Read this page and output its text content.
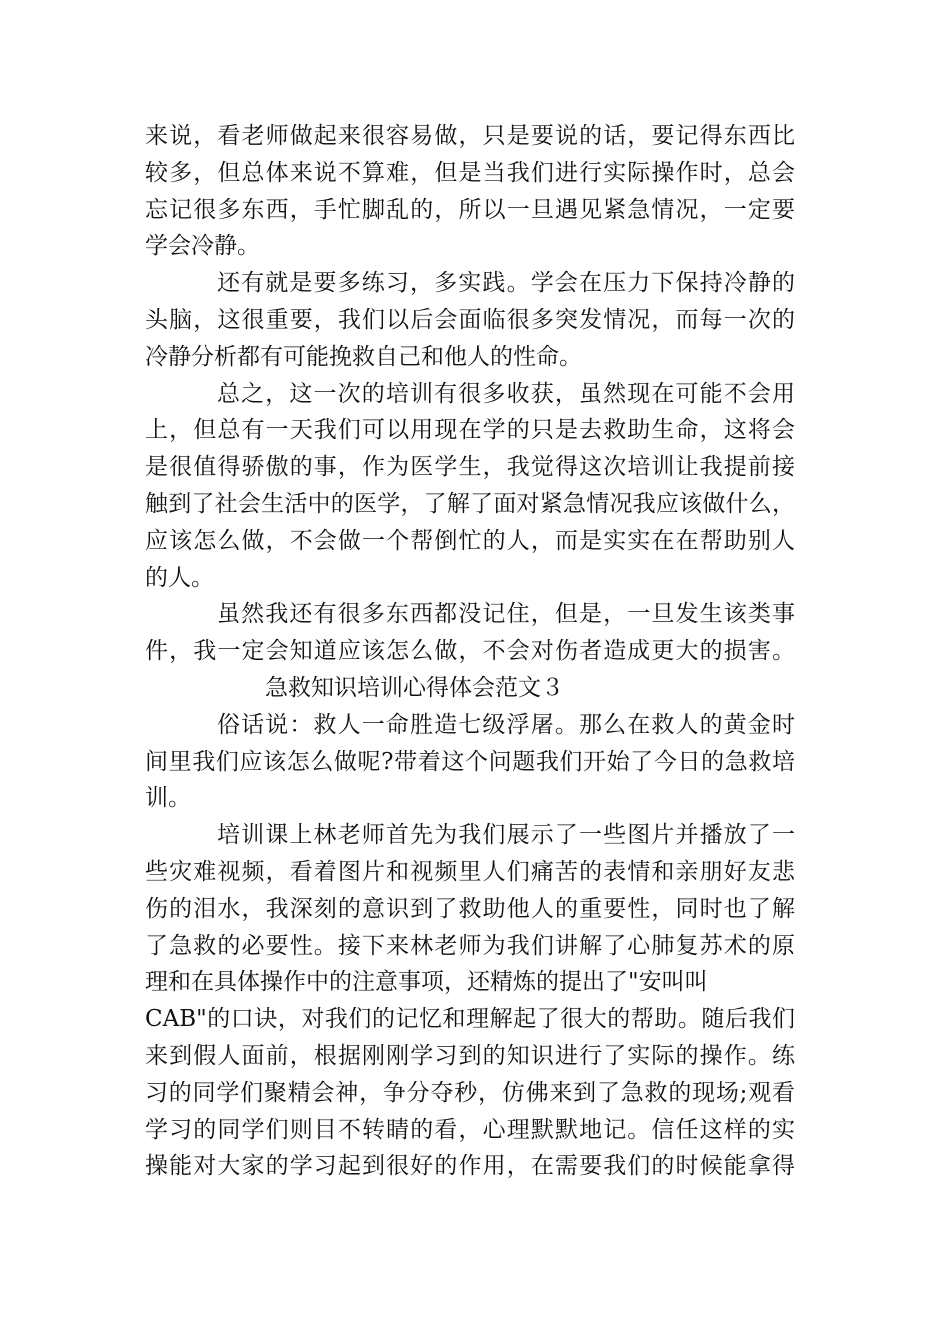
来说，看老师做起来很容易做，只是要说的话，要记得东西比
较多，但总体来说不算难，但是当我们进行实际操作时，总会
忘记很多东西，手忙脚乱的，所以一旦遇见紧急情况，一定要
学会冷静。
还有就是要多练习，多实践。学会在压力下保持冷静的
头脑，这很重要，我们以后会面临很多突发情况，而每一次的
冷静分析都有可能挽救自己和他人的性命。
总之，这一次的培训有很多收获，虽然现在可能不会用
上，但总有一天我们可以用现在学的只是去救助生命，这将会
是很值得骄傲的事，作为医学生，我觉得这次培训让我提前接
触到了社会生活中的医学，了解了面对紧急情况我应该做什么，
应该怎么做，不会做一个帮倒忙的人，而是实实在在帮助别人
的人。
虽然我还有很多东西都没记住，但是，一旦发生该类事
件，我一定会知道应该怎么做，不会对伤者造成更大的损害。
急救知识培训心得体会范文３
俗话说：救人一命胜造七级浮屠。那么在救人的黄金时
间里我们应该怎么做呢?带着这个问题我们开始了今日的急救培
训。
培训课上林老师首先为我们展示了一些图片并播放了一
些灾难视频，看着图片和视频里人们痛苦的表情和亲朋好友悲
伤的泪水，我深刻的意识到了救助他人的重要性，同时也了解
了急救的必要性。接下来林老师为我们讲解了心肺复苏术的原
理和在具体操作中的注意事项，还精炼的提出了"安叫叫
CAB"的口诀，对我们的记忆和理解起了很大的帮助。随后我们
来到假人面前，根据刚刚学习到的知识进行了实际的操作。练
习的同学们聚精会神，争分夺秒，仿佛来到了急救的现场;观看
学习的同学们则目不转睛的看，心理默默地记。信任这样的实
操能对大家的学习起到很好的作用，在需要我们的时候能拿得
